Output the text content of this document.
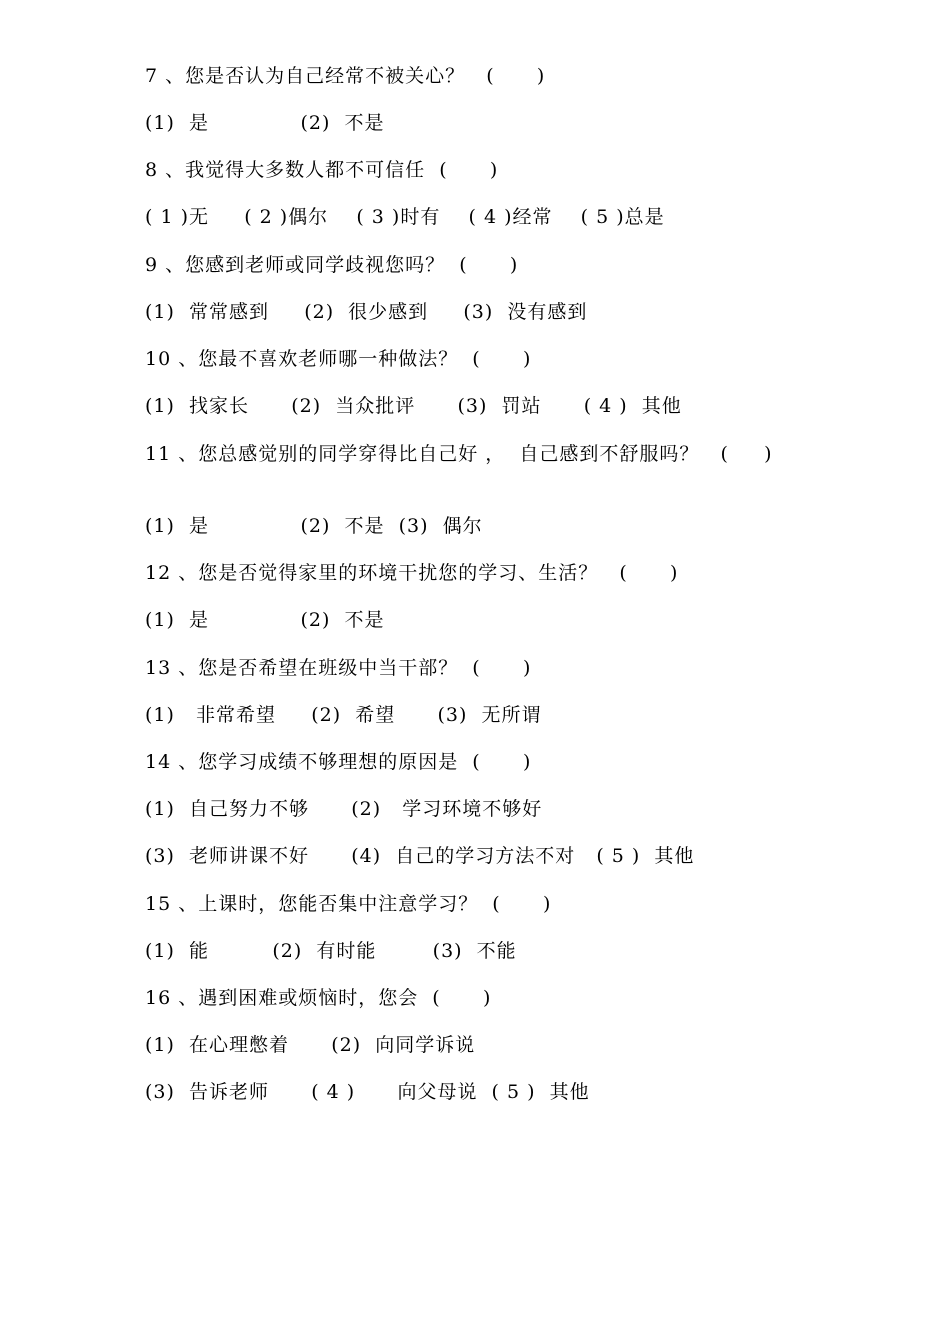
7 、您是否认为自己经常不被关心？   (      )
(1)  是             (2)  不是
8 、我觉得大多数人都不可信任  (      )
( 1 )无     ( 2 )偶尔    ( 3 )时有    ( 4 )经常    ( 5 )总是
9 、您感到老师或同学歧视您吗？  (      )
(1)  常常感到     (2)  很少感到     (3)  没有感到
10 、您最不喜欢老师哪一种做法？  (      )
(1)  找家长      (2)  当众批评      (3)  罚站      ( 4 )  其他
11 、您总感觉别的同学穿得比自己好 ，  自己感到不舒服吗？   (     )
(1)  是             (2)  不是  (3)  偶尔
12 、您是否觉得家里的环境干扰您的学习、生活？   (      )
(1)  是             (2)  不是
13 、您是否希望在班级中当干部？  (      )
(1)   非常希望     (2)  希望      (3)  无所谓
14 、您学习成绩不够理想的原因是  (      )
(1)  自己努力不够      (2)   学习环境不够好
(3)  老师讲课不好      (4)  自己的学习方法不对   ( 5 )  其他
15 、上课时，您能否集中注意学习？  (      )
(1)  能         (2)  有时能        (3)  不能
16 、遇到困难或烦恼时，您会  (      )
(1)  在心理憋着      (2)  向同学诉说
(3)  告诉老师      ( 4 )      向父母说  ( 5 )  其他
